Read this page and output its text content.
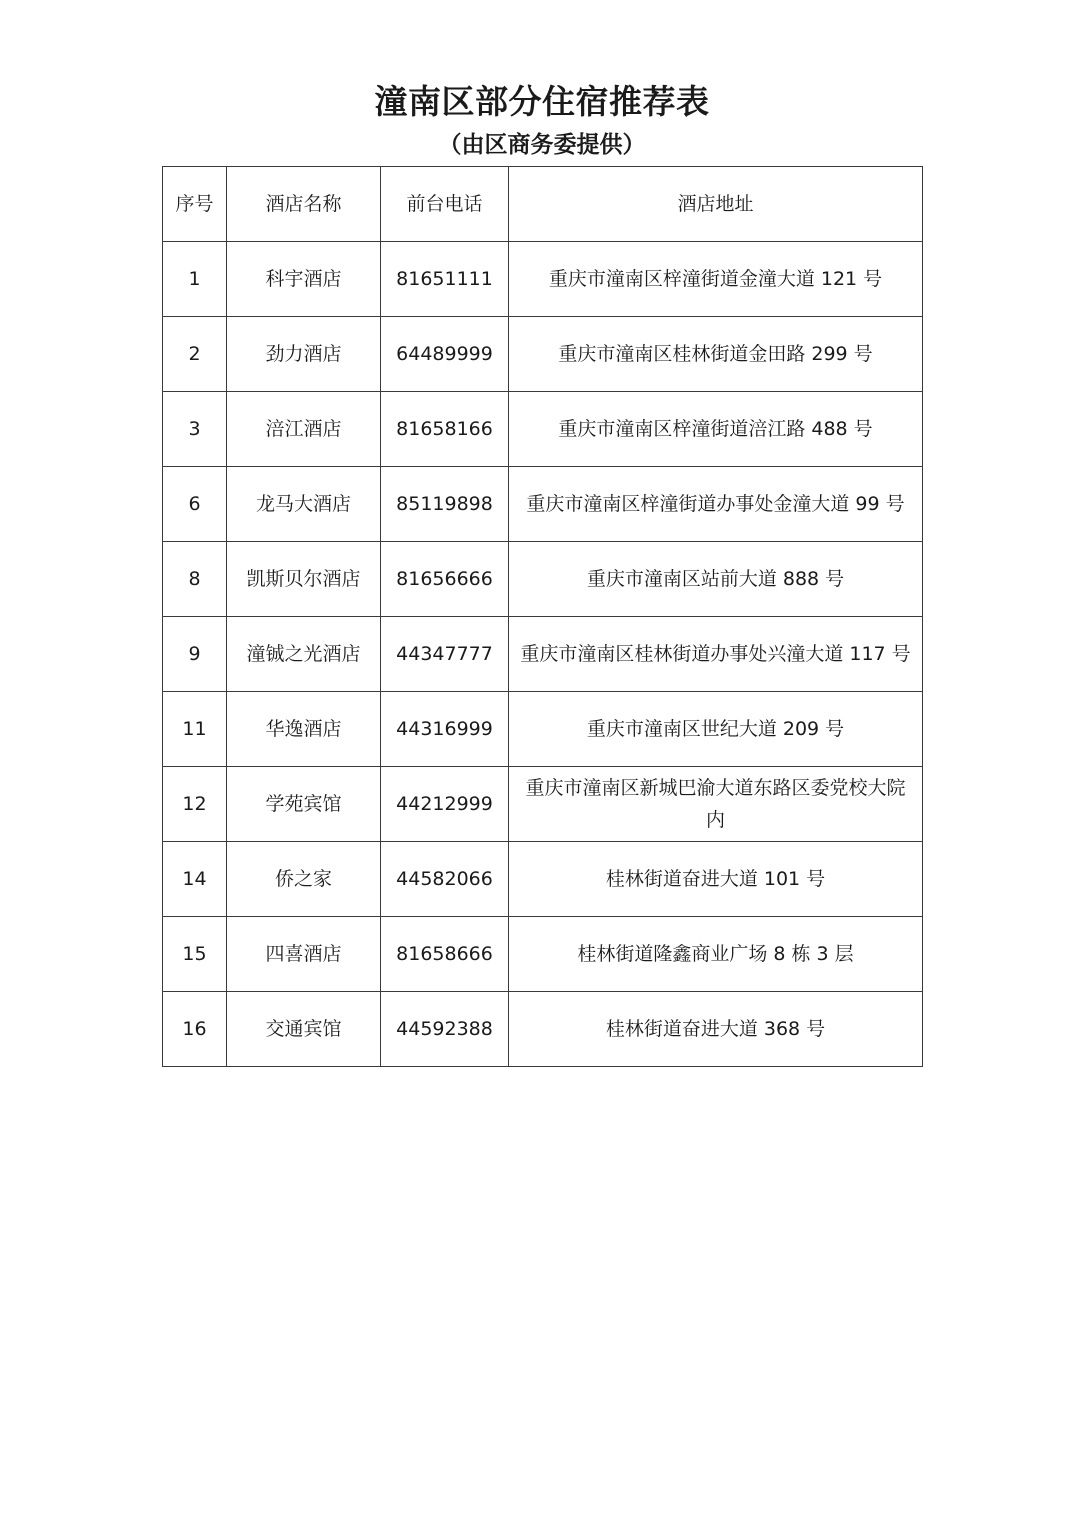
潼南区部分住宿推荐表
（由区商务委提供）
序号	酒店名称	前台电话	酒店地址
1	科宇酒店	81651111	重庆市潼南区梓潼街道金潼大道 121 号
2	劲力酒店	64489999	重庆市潼南区桂林街道金田路 299 号
3	涪江酒店	81658166	重庆市潼南区梓潼街道涪江路 488 号
6	龙马大酒店	85119898	重庆市潼南区梓潼街道办事处金潼大道 99 号
8	凯斯贝尔酒店	81656666	重庆市潼南区站前大道 888 号
9	潼铖之光酒店	44347777	重庆市潼南区桂林街道办事处兴潼大道 117 号
11	华逸酒店	44316999	重庆市潼南区世纪大道 209 号
12	学苑宾馆	44212999	重庆市潼南区新城巴渝大道东路区委党校大院内
14	侨之家	44582066	桂林街道奋进大道 101 号
15	四喜酒店	81658666	桂林街道隆鑫商业广场 8 栋 3 层
16	交通宾馆	44592388	桂林街道奋进大道 368 号
